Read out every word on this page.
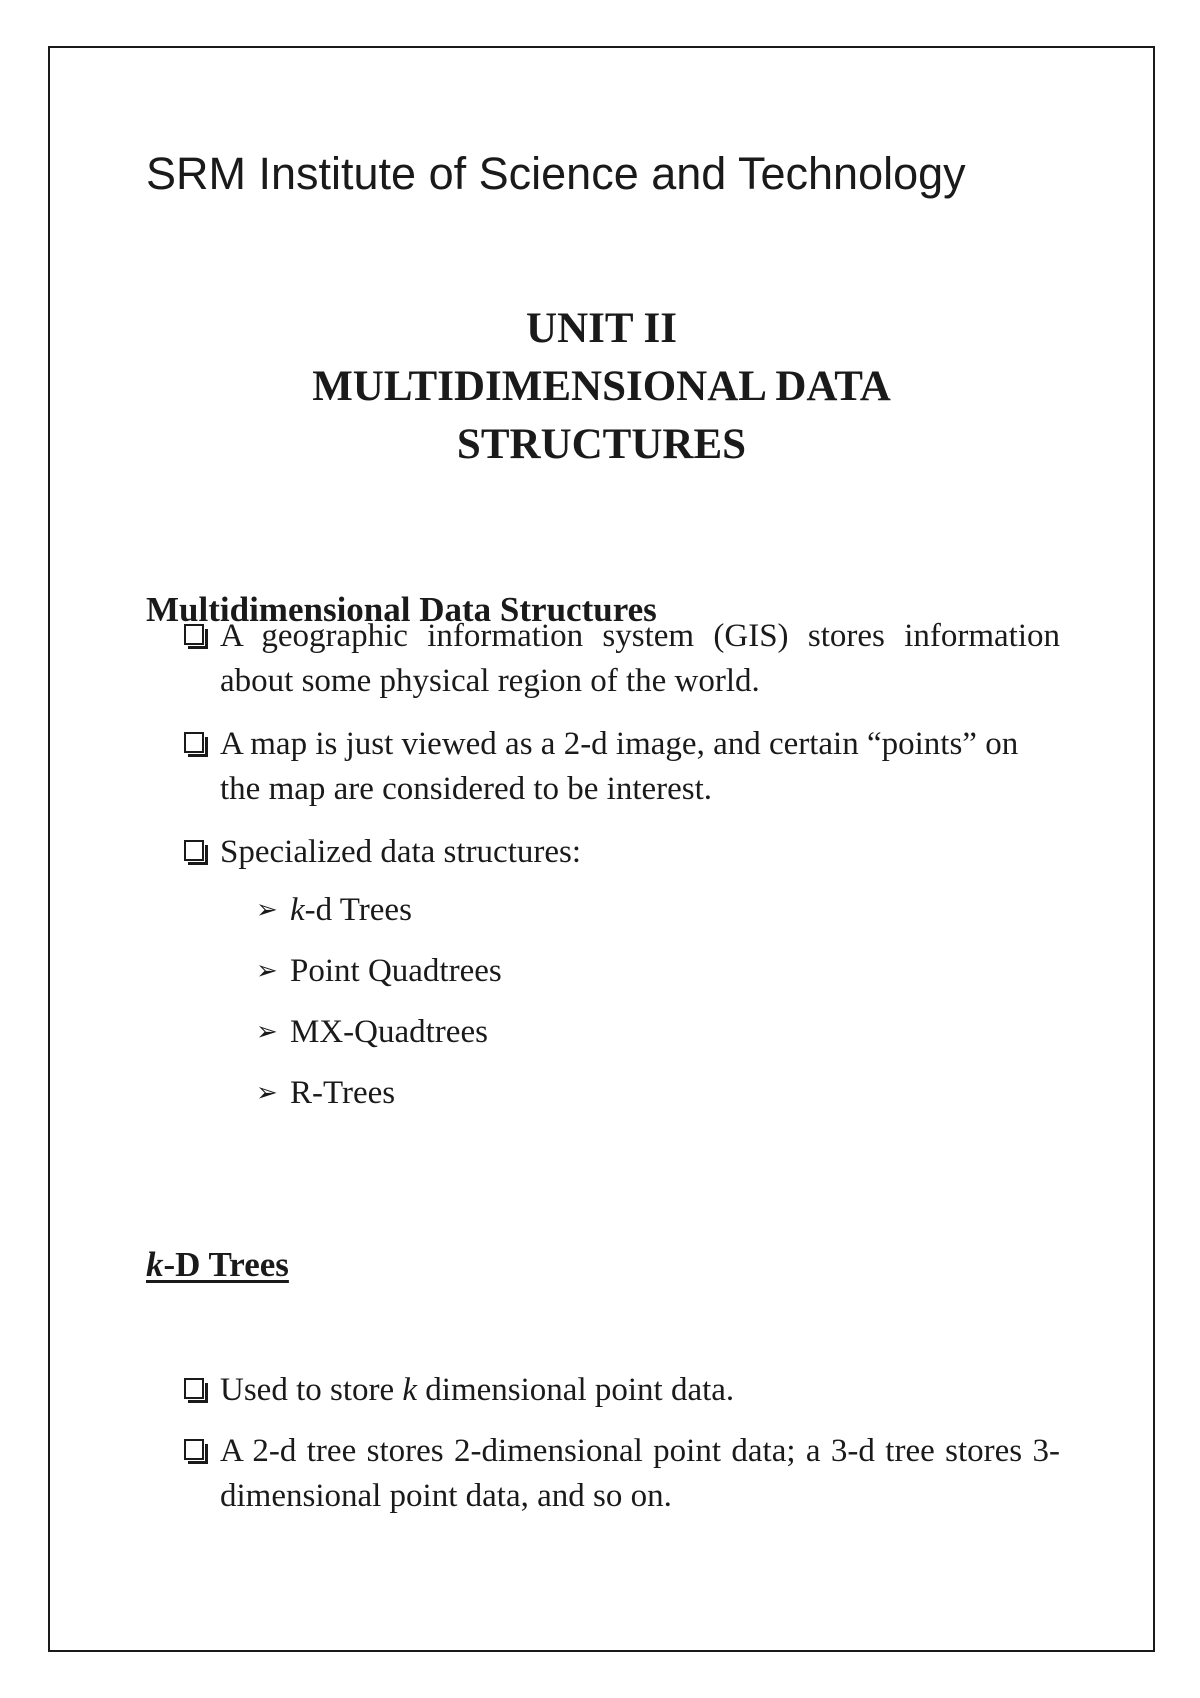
SRM Institute of Science and Technology
UNIT II
MULTIDIMENSIONAL DATA
STRUCTURES
Multidimensional Data Structures
A geographic information system (GIS) stores information about some physical region of the world.
A map is just viewed as a 2-d image, and certain “points” on the map are considered to be interest.
Specialized data structures:
➢ k-d Trees
➢ Point Quadtrees
➢ MX-Quadtrees
➢ R-Trees
k-D Trees
Used to store k dimensional point data.
A 2-d tree stores 2-dimensional point data; a 3-d tree stores 3-dimensional point data, and so on.
